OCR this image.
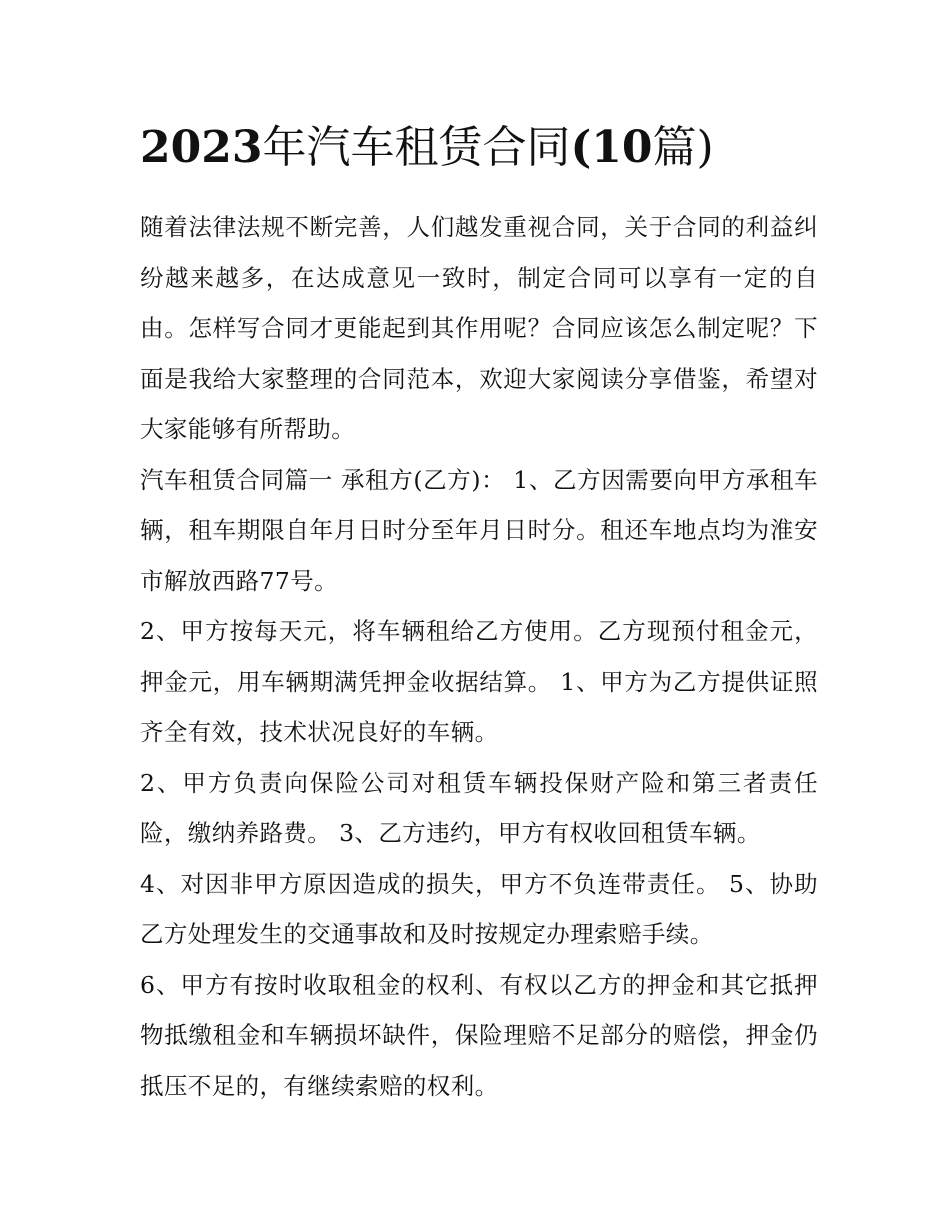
2023年汽车租赁合同(10篇)

随着法律法规不断完善，人们越发重视合同，关于合同的利益纠纷越来越多，在达成意见一致时，制定合同可以享有一定的自由。怎样写合同才更能起到其作用呢？合同应该怎么制定呢？下面是我给大家整理的合同范本，欢迎大家阅读分享借鉴，希望对大家能够有所帮助。

汽车租赁合同篇一 承租方(乙方)： 1、乙方因需要向甲方承租车辆，租车期限自年月日时分至年月日时分。租还车地点均为淮安市解放西路77号。

2、甲方按每天元，将车辆租给乙方使用。乙方现预付租金元，押金元，用车辆期满凭押金收据结算。 1、甲方为乙方提供证照齐全有效，技术状况良好的车辆。

2、甲方负责向保险公司对租赁车辆投保财产险和第三者责任险，缴纳养路费。 3、乙方违约，甲方有权收回租赁车辆。

4、对因非甲方原因造成的损失，甲方不负连带责任。 5、协助乙方处理发生的交通事故和及时按规定办理索赔手续。

6、甲方有按时收取租金的权利、有权以乙方的押金和其它抵押物抵缴租金和车辆损坏缺件，保险理赔不足部分的赔偿，押金仍抵压不足的，有继续索赔的权利。
